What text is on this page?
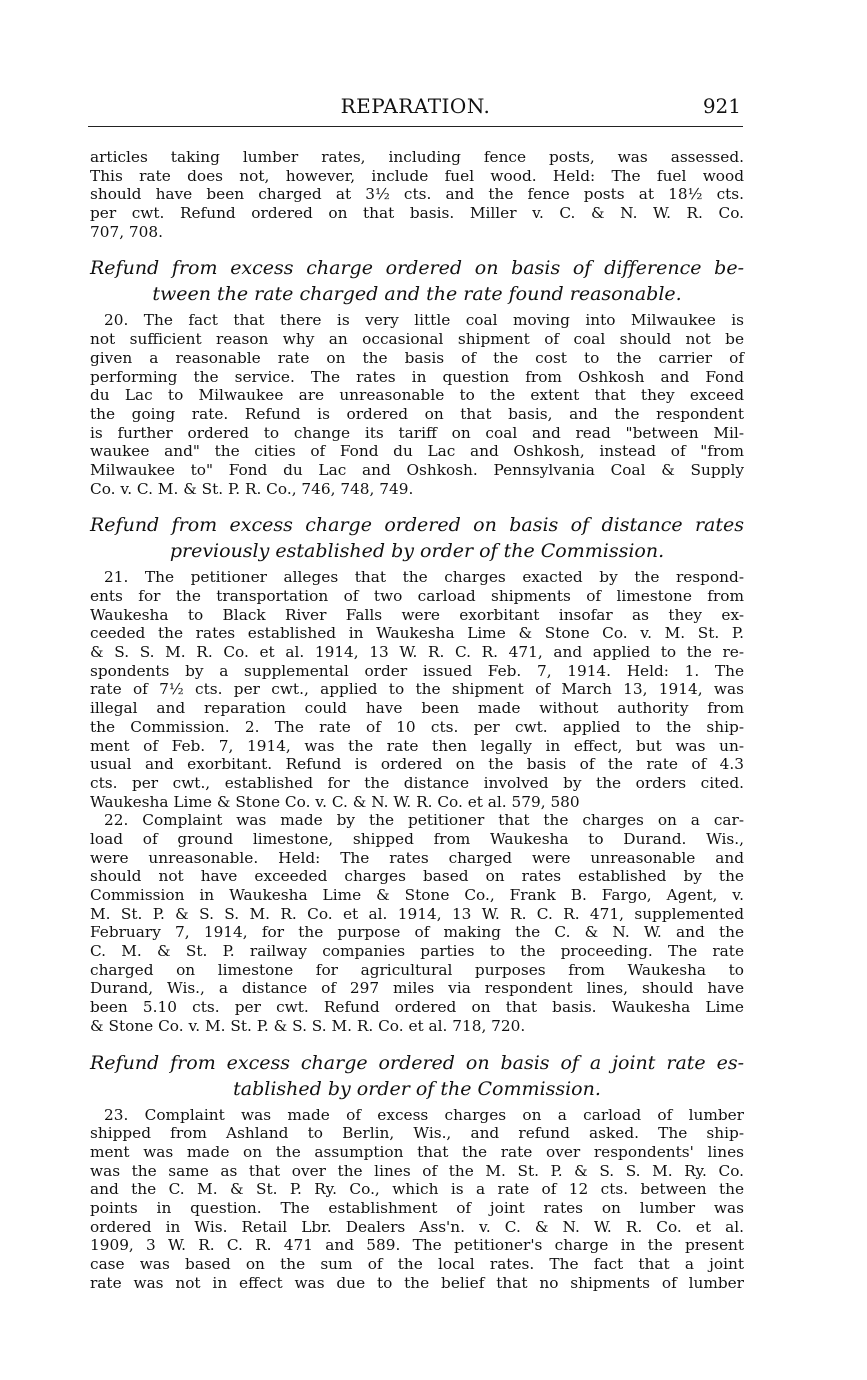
REPARATION.	921
articles taking lumber rates, including fence posts, was assessed.
This rate does not, however, include fuel wood. Held: The fuel wood
should have been charged at 3½ cts. and the fence posts at 18½ cts.
per cwt. Refund ordered on that basis. Miller v. C. & N. W. R. Co.
707, 708.
Refund from excess charge ordered on basis of difference be-
tween the rate charged and the rate found reasonable.
20. The fact that there is very little coal moving into Milwaukee is
not sufficient reason why an occasional shipment of coal should not be
given a reasonable rate on the basis of the cost to the carrier of
performing the service. The rates in question from Oshkosh and Fond
du Lac to Milwaukee are unreasonable to the extent that they exceed
the going rate. Refund is ordered on that basis, and the respondent
is further ordered to change its tariff on coal and read "between Mil-
waukee and" the cities of Fond du Lac and Oshkosh, instead of "from
Milwaukee to" Fond du Lac and Oshkosh. Pennsylvania Coal & Supply
Co. v. C. M. & St. P. R. Co., 746, 748, 749.
Refund from excess charge ordered on basis of distance rates
previously established by order of the Commission.
21. The petitioner alleges that the charges exacted by the respond-
ents for the transportation of two carload shipments of limestone from
Waukesha to Black River Falls were exorbitant insofar as they ex-
ceeded the rates established in Waukesha Lime & Stone Co. v. M. St. P.
& S. S. M. R. Co. et al. 1914, 13 W. R. C. R. 471, and applied to the re-
spondents by a supplemental order issued Feb. 7, 1914. Held: 1. The
rate of 7½ cts. per cwt., applied to the shipment of March 13, 1914, was
illegal and reparation could have been made without authority from
the Commission. 2. The rate of 10 cts. per cwt. applied to the ship-
ment of Feb. 7, 1914, was the rate then legally in effect, but was un-
usual and exorbitant. Refund is ordered on the basis of the rate of 4.3
cts. per cwt., established for the distance involved by the orders cited.
Waukesha Lime & Stone Co. v. C. & N. W. R. Co. et al. 579, 580
22. Complaint was made by the petitioner that the charges on a car-
load of ground limestone, shipped from Waukesha to Durand. Wis.,
were unreasonable. Held: The rates charged were unreasonable and
should not have exceeded charges based on rates established by the
Commission in Waukesha Lime & Stone Co., Frank B. Fargo, Agent, v.
M. St. P. & S. S. M. R. Co. et al. 1914, 13 W. R. C. R. 471, supplemented
February 7, 1914, for the purpose of making the C. & N. W. and the
C. M. & St. P. railway companies parties to the proceeding. The rate
charged on limestone for agricultural purposes from Waukesha to
Durand, Wis., a distance of 297 miles via respondent lines, should have
been 5.10 cts. per cwt. Refund ordered on that basis. Waukesha Lime
& Stone Co. v. M. St. P. & S. S. M. R. Co. et al. 718, 720.
Refund from excess charge ordered on basis of a joint rate es-
tablished by order of the Commission.
23. Complaint was made of excess charges on a carload of lumber
shipped from Ashland to Berlin, Wis., and refund asked. The ship-
ment was made on the assumption that the rate over respondents' lines
was the same as that over the lines of the M. St. P. & S. S. M. Ry. Co.
and the C. M. & St. P. Ry. Co., which is a rate of 12 cts. between the
points in question. The establishment of joint rates on lumber was
ordered in Wis. Retail Lbr. Dealers Ass'n. v. C. & N. W. R. Co. et al.
1909, 3 W. R. C. R. 471 and 589. The petitioner's charge in the present
case was based on the sum of the local rates. The fact that a joint
rate was not in effect was due to the belief that no shipments of lumber
